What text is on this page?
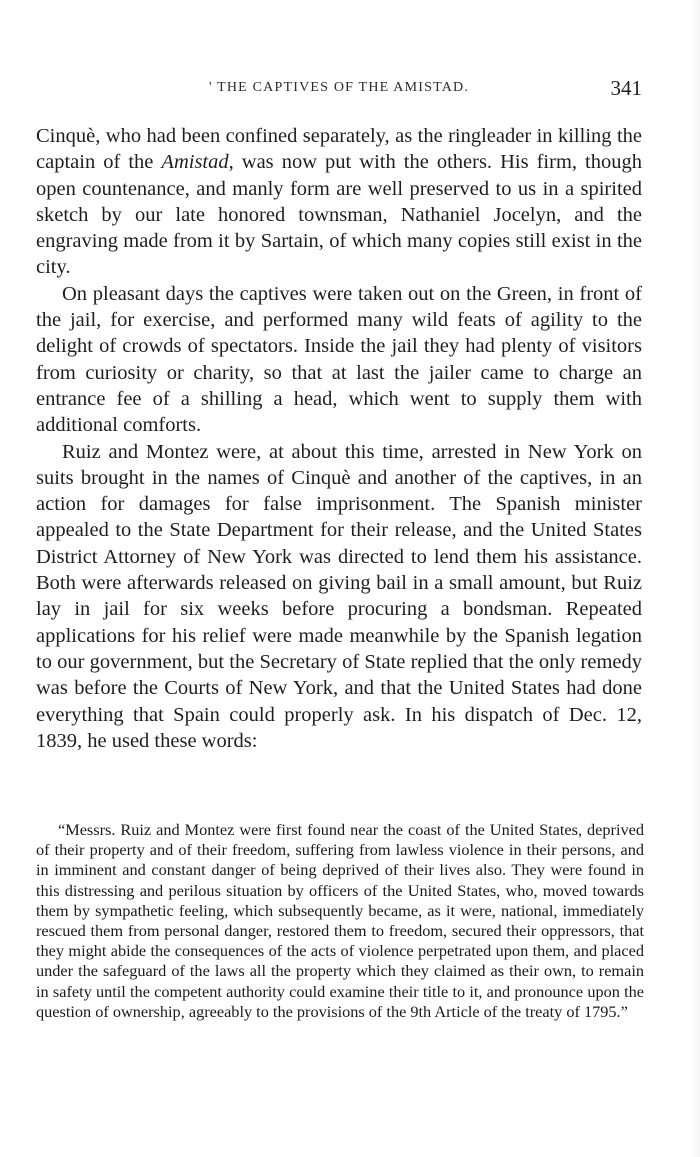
' THE CAPTIVES OF THE AMISTAD.	341

Cinquè, who had been confined separately, as the ringleader in killing the captain of the Amistad, was now put with the others. His firm, though open countenance, and manly form are well preserved to us in a spirited sketch by our late honored townsman, Nathaniel Jocelyn, and the engraving made from it by Sartain, of which many copies still exist in the city.

On pleasant days the captives were taken out on the Green, in front of the jail, for exercise, and performed many wild feats of agility to the delight of crowds of spectators. Inside the jail they had plenty of visitors from curiosity or charity, so that at last the jailer came to charge an entrance fee of a shilling a head, which went to supply them with additional comforts.

Ruiz and Montez were, at about this time, arrested in New York on suits brought in the names of Cinquè and another of the captives, in an action for damages for false imprisonment. The Spanish minister appealed to the State Department for their release, and the United States District Attorney of New York was directed to lend them his assistance. Both were afterwards released on giving bail in a small amount, but Ruiz lay in jail for six weeks before procuring a bondsman. Repeated applications for his relief were made meanwhile by the Spanish legation to our government, but the Secretary of State replied that the only remedy was before the Courts of New York, and that the United States had done everything that Spain could properly ask. In his dispatch of Dec. 12, 1839, he used these words:

“Messrs. Ruiz and Montez were first found near the coast of the United States, deprived of their property and of their freedom, suffering from lawless violence in their persons, and in imminent and constant danger of being deprived of their lives also. They were found in this distressing and perilous situation by officers of the United States, who, moved towards them by sympathetic feeling, which subsequently became, as it were, national, immediately rescued them from personal danger, restored them to freedom, secured their oppressors, that they might abide the consequences of the acts of violence perpetrated upon them, and placed under the safeguard of the laws all the property which they claimed as their own, to remain in safety until the competent authority could examine their title to it, and pronounce upon the question of ownership, agreeably to the provisions of the 9th Article of the treaty of 1795.”
